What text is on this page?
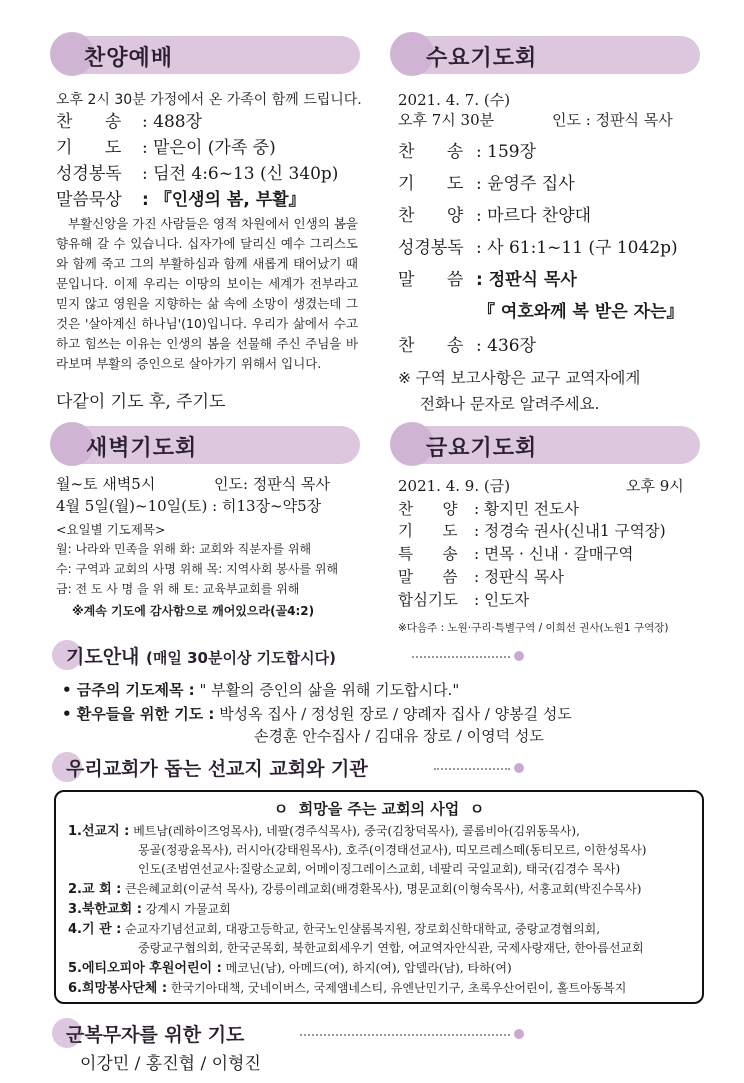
찬양예배
오후 2시 30분 가정에서 온 가족이 함께 드립니다.
찬      송 : 488장
기      도 : 맡은이 (가족 중)
성경봉독 : 딤전 4:6~13 (신 340p)
말씀묵상 : 『인생의 봄, 부활』
부활신앙을 가진 사람들은 영적 차원에서 인생의 봄을 향유해 갈 수 있습니다. 십자가에 달리신 예수 그리스도와 함께 죽고 그의 부활하심과 함께 새롭게 태어났기 때문입니다. 이제 우리는 이땅의 보이는 세계가 전부라고 믿지 않고 영원을 지향하는 삶 속에 소망이 생겼는데 그것은 '살아계신 하나님'(10)입니다. 우리가 삶에서 수고하고 힘쓰는 이유는 인생의 봄을 선물해 주신 주님을 바라보며 부활의 증인으로 살아가기 위해서 입니다.
다같이 기도 후, 주기도
수요기도회
2021. 4. 7. (수)
오후 7시 30분	인도 : 정판식 목사
찬      송 : 159장
기      도 : 윤영주 집사
찬      양 : 마르다 찬양대
성경봉독 : 사 61:1~11 (구 1042p)
말      씀 : 정판식 목사
『 여호와께 복 받은 자는』
찬      송 : 436장
※ 구역 보고사항은 교구 교역자에게
전화나 문자로 알려주세요.
새벽기도회
월~토 새벽5시	인도: 정판식 목사
4월 5일(월)~10일(토) : 히13장~약5장
<요일별 기도제목>
월: 나라와 민족을 위해 화: 교회와 직분자를 위해
수: 구역과 교회의 사명 위해 목: 지역사회 봉사를 위해
금: 전 도 사 명 을 위 해 토: 교육부교회를 위해
※계속 기도에 감사함으로 깨어있으라(골4:2)
금요기도회
2021. 4. 9. (금)	오후 9시
찬      양 : 황지민 전도사
기      도 : 정경숙 권사(신내1 구역장)
특      송 : 면목 · 신내 · 갈매구역
말      씀 : 정판식 목사
합심기도 : 인도자
※다음주 : 노원·구리·특별구역 / 이희선 권사(노원1 구역장)
기도안내 (매일 30분이상 기도합시다)
• 금주의 기도제목 : " 부활의 증인의 삶을 위해 기도합시다."
• 환우들을 위한 기도 : 박성옥 집사 / 정성원 장로 / 양례자 집사 / 양봉길 성도
손경훈 안수집사 / 김대유 장로 / 이영덕 성도
우리교회가 돕는 선교지 교회와 기관
ㅇ  희망을 주는 교회의 사업  ㅇ
1.선교지 : 베트남(레하이즈엉목사), 네팔(경주식목사), 중국(김창덕목사), 콜롬비아(김위동목사),
몽골(정광윤목사), 러시아(강태원목사), 호주(이경태선교사), 띠모르레스떼(동티모르, 이한성목사)
인도(조범연선교사:질랑소교회, 어메이징그레이스교회, 네팔리 국일교회), 태국(김경수 목사)
2.교 회 : 큰은혜교회(이균석 목사), 강릉이레교회(배경환목사), 명문교회(이형숙목사), 서홍교회(박진수목사)
3.북한교회 : 강계시 가물교회
4.기 관 : 순교자기념선교회, 대광고등학교, 한국노인샬롬복지원, 장로회신학대학교, 중랑교경협의회,
중랑교구협의회, 한국군목회, 북한교회세우기 연합, 여교역자안식관, 국제사랑재단, 한아름선교회
5.에티오피아 후원어린이 : 메코닌(남), 아메드(여), 하지(여), 압델라(남), 타하(여)
6.희망봉사단체 : 한국기아대책, 굿네이버스, 국제앰네스티, 유엔난민기구, 초록우산어린이, 홀트아동복지
군복무자를 위한 기도
이강민 / 홍진협 / 이형진
